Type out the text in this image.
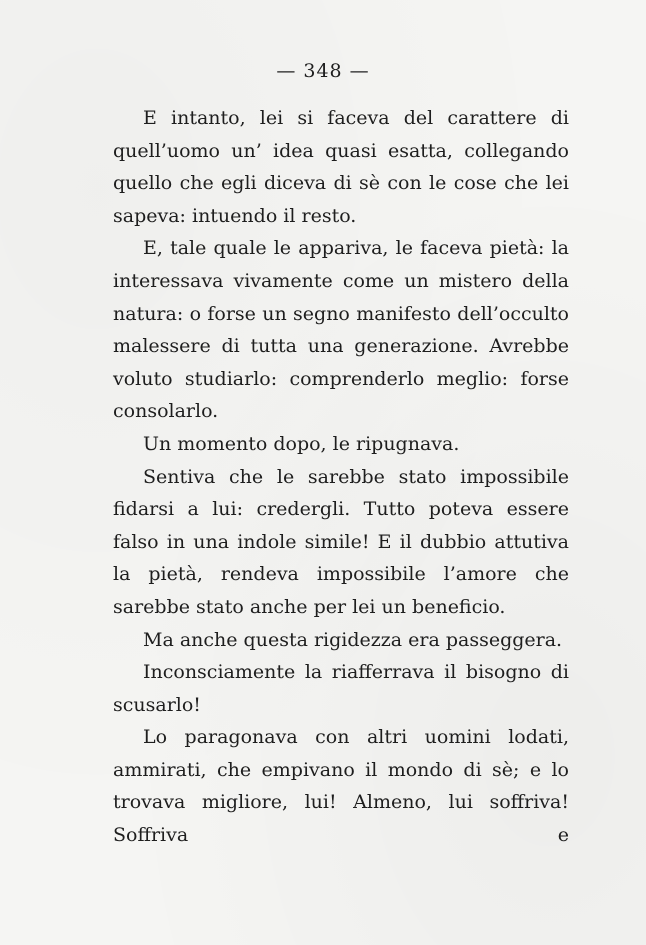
— 348 —

E intanto, lei si faceva del carattere di quell’uomo un’ idea quasi esatta, collegando quello che egli diceva di sè con le cose che lei sapeva: intuendo il resto.

E, tale quale le appariva, le faceva pietà: la interessava vivamente come un mistero della natura: o forse un segno manifesto dell’occulto malessere di tutta una generazione. Avrebbe voluto studiarlo: comprenderlo meglio: forse consolarlo.

Un momento dopo, le ripugnava.

Sentiva che le sarebbe stato impossibile fidarsi a lui: credergli. Tutto poteva essere falso in una indole simile! E il dubbio attutiva la pietà, rendeva impossibile l’amore che sarebbe stato anche per lei un beneficio.

Ma anche questa rigidezza era passeggera.

Inconsciamente la riafferrava il bisogno di scusarlo!

Lo paragonava con altri uomini lodati, ammirati, che empivano il mondo di sè; e lo trovava migliore, lui! Almeno, lui soffriva! Soffriva e
